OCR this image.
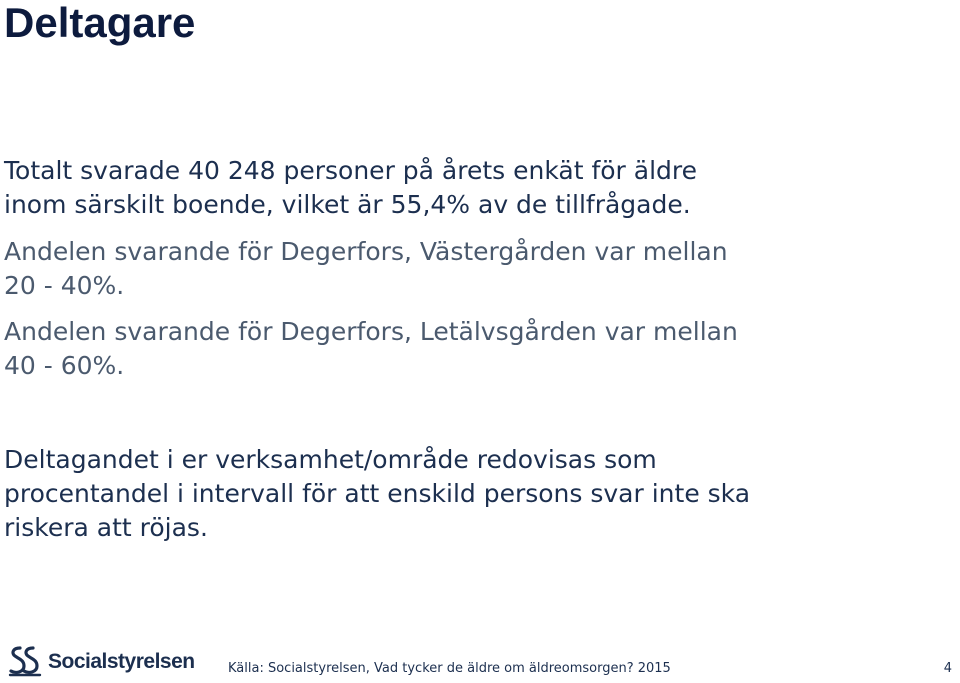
Deltagare

Totalt svarade 40 248 personer på årets enkät för äldre
inom särskilt boende, vilket är 55,4% av de tillfrågade.

Andelen svarande för Degerfors, Västergården var mellan
20 - 40%.

Andelen svarande för Degerfors, Letälvsgården var mellan
40 - 60%.

Deltagandet i er verksamhet/område redovisas som
procentandel i intervall för att enskild persons svar inte ska
riskera att röjas.

Socialstyrelsen	Källa: Socialstyrelsen, Vad tycker de äldre om äldreomsorgen? 2015	4
